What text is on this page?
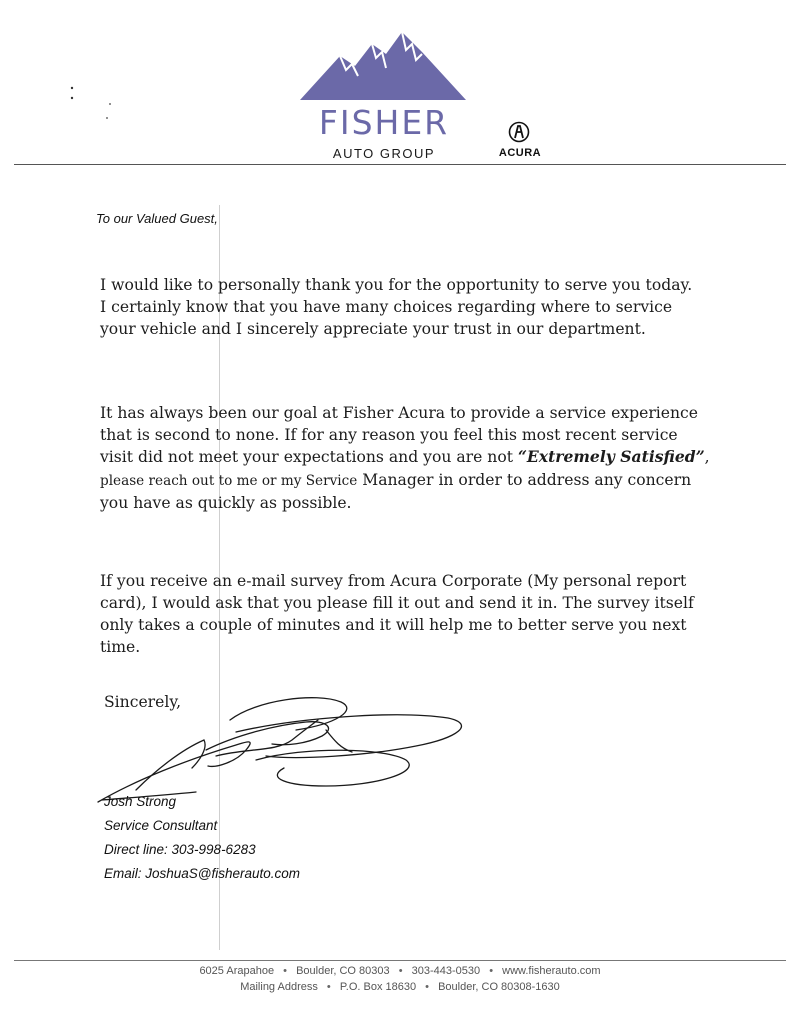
FISHER
AUTO GROUP	ACURA
To our Valued Guest,

I would like to personally thank you for the opportunity to serve you today. I certainly know that you have many choices regarding where to service your vehicle and I sincerely appreciate your trust in our department.

It has always been our goal at Fisher Acura to provide a service experience that is second to none. If for any reason you feel this most recent service visit did not meet your expectations and you are not “Extremely Satisfied”, please reach out to me or my Service Manager in order to address any concern you have as quickly as possible.

If you receive an e-mail survey from Acura Corporate (My personal report card), I would ask that you please fill it out and send it in. The survey itself only takes a couple of minutes and it will help me to better serve you next time.

Sincerely,
Josh Strong
Service Consultant
Direct line: 303-998-6283
Email: JoshuaS@fisherauto.com
6025 Arapahoe • Boulder, CO 80303 • 303-443-0530 • www.fisherauto.com
Mailing Address • P.O. Box 18630 • Boulder, CO 80308-1630
